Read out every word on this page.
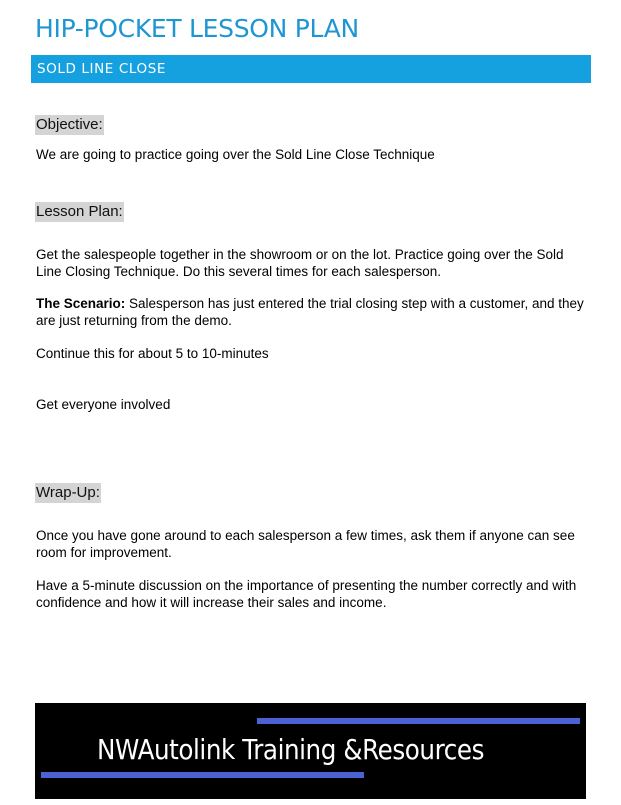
HIP-POCKET LESSON PLAN
SOLD LINE CLOSE
Objective:
We are going to practice going over the Sold Line Close Technique
Lesson Plan:
Get the salespeople together in the showroom or on the lot. Practice going over the Sold Line Closing Technique. Do this several times for each salesperson.
The Scenario: Salesperson has just entered the trial closing step with a customer, and they are just returning from the demo.
Continue this for about 5 to 10-minutes
Get everyone involved
Wrap-Up:
Once you have gone around to each salesperson a few times, ask them if anyone can see room for improvement.
Have a 5-minute discussion on the importance of presenting the number correctly and with confidence and how it will increase their sales and income.
NWAutolink Training &Resources
